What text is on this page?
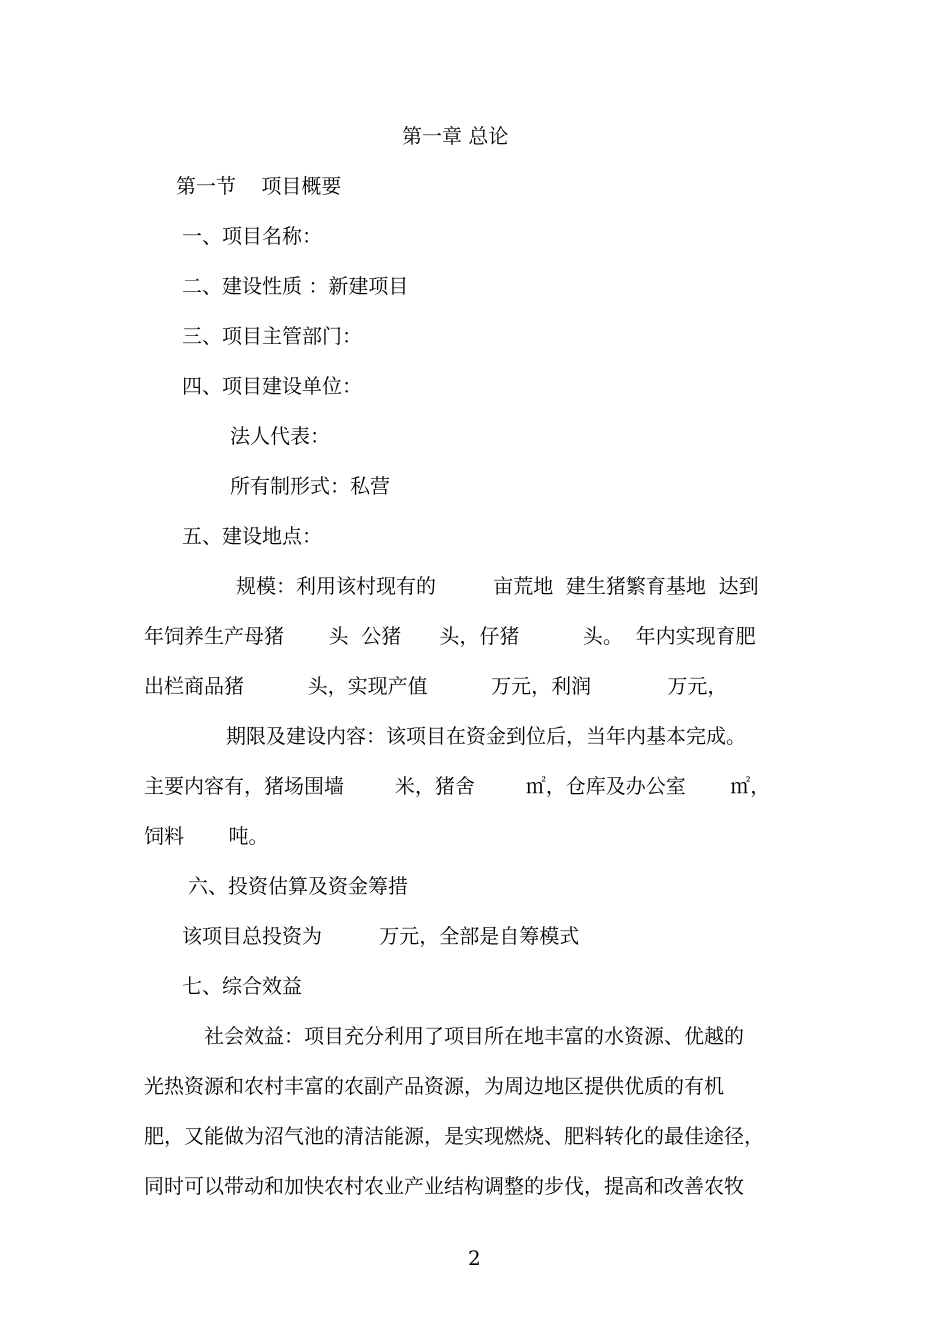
第一章 总论
第一节    项目概要
一、项目名称：
二、建设性质 ：新建项目
三、项目主管部门：
四、项目建设单位：
法人代表：
所有制形式：私营
五、建设地点：
规模：利用该村现有的         亩荒地  建生猪繁育基地  达到
年饲养生产母猪       头  公猪      头，仔猪          头。  年内实现育肥
出栏商品猪          头，实现产值          万元，利润            万元，
期限及建设内容：该项目在资金到位后，当年内基本完成。
主要内容有，猪场围墙        米，猪舍        ㎡，仓库及办公室       ㎡，
饲料       吨。
六、投资估算及资金筹措
该项目总投资为         万元，全部是自筹模式
七、综合效益
社会效益：项目充分利用了项目所在地丰富的水资源、优越的
光热资源和农村丰富的农副产品资源，为周边地区提供优质的有机
肥，又能做为沼气池的清洁能源，是实现燃烧、肥料转化的最佳途径，
同时可以带动和加快农村农业产业结构调整的步伐，提高和改善农牧
2
